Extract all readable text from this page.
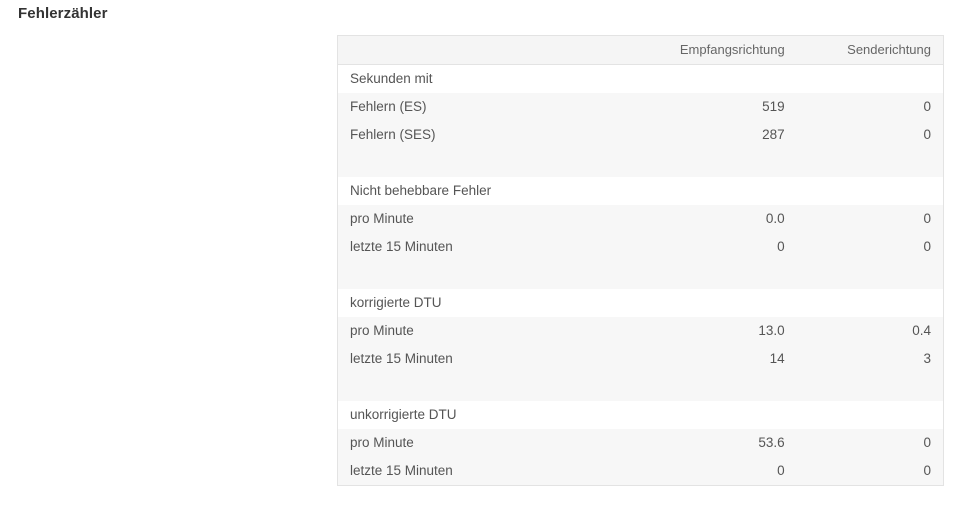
Fehlerzähler
	Empfangsrichtung	Senderichtung
Sekunden mit		
Fehlern (ES)	519	0
Fehlern (SES)	287	0

Nicht behebbare Fehler		
pro Minute	0.0	0
letzte 15 Minuten	0	0

korrigierte DTU		
pro Minute	13.0	0.4
letzte 15 Minuten	14	3

unkorrigierte DTU		
pro Minute	53.6	0
letzte 15 Minuten	0	0
